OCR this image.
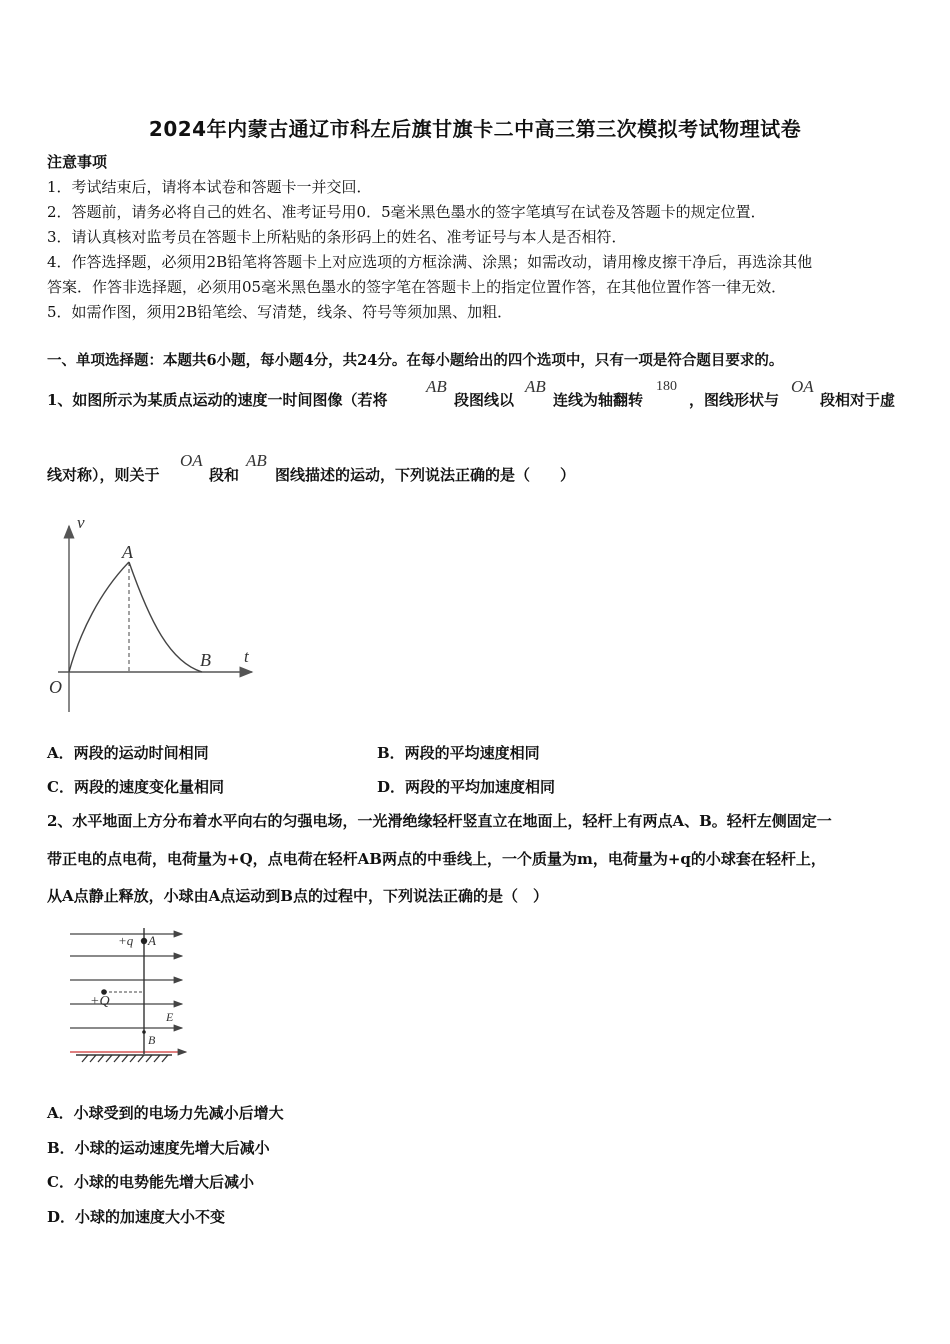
2024年内蒙古通辽市科左后旗甘旗卡二中高三第三次模拟考试物理试卷
注意事项
1．考试结束后，请将本试卷和答题卡一并交回．
2．答题前，请务必将自己的姓名、准考证号用0．5毫米黑色墨水的签字笔填写在试卷及答题卡的规定位置．
3．请认真核对监考员在答题卡上所粘贴的条形码上的姓名、准考证号与本人是否相符．
4．作答选择题，必须用2B铅笔将答题卡上对应选项的方框涂满、涂黑；如需改动，请用橡皮擦干净后，再选涂其他
答案．作答非选择题，必须用05毫米黑色墨水的签字笔在答题卡上的指定位置作答，在其他位置作答一律无效．
5．如需作图，须用2B铅笔绘、写清楚，线条、符号等须加黑、加粗．
一、单项选择题：本题共6小题，每小题4分，共24分。在每小题给出的四个选项中，只有一项是符合题目要求的。
1、如图所示为某质点运动的速度一时间图像（若将
AB
段图线以
AB
连线为轴翻转
180
，图线形状与
OA
段相对于虚
线对称），则关于
OA
段和
AB
图线描述的运动，下列说法正确的是（　　）
v
t
O
A
B
A．两段的运动时间相同	B．两段的平均速度相同
C．两段的速度变化量相同	D．两段的平均加速度相同
2、水平地面上方分布着水平向右的匀强电场，一光滑绝缘轻杆竖直立在地面上，轻杆上有两点A、B。轻杆左侧固定一
带正电的点电荷，电荷量为+Q，点电荷在轻杆AB两点的中垂线上，一个质量为m，电荷量为+q的小球套在轻杆上，
从A点静止释放，小球由A点运动到B点的过程中，下列说法正确的是（　）
+q A
+Q
E
B
A．小球受到的电场力先减小后增大
B．小球的运动速度先增大后减小
C．小球的电势能先增大后减小
D．小球的加速度大小不变
